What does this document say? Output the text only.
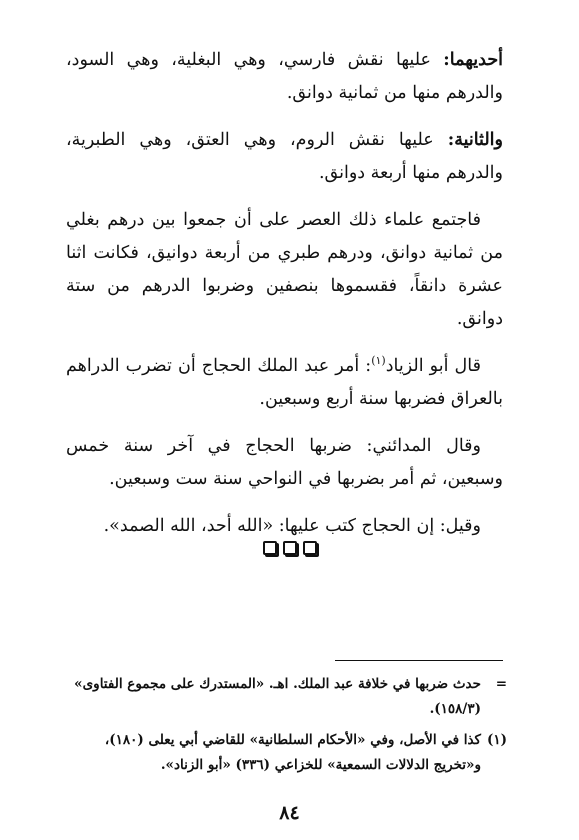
أحديهما: عليها نقش فارسي، وهي البغلية، وهي السود، والدرهم منها من ثمانية دوانق.

والثانية: عليها نقش الروم، وهي العتق، وهي الطبرية، والدرهم منها أربعة دوانق.

فاجتمع علماء ذلك العصر على أن جمعوا بين درهم بغلي من ثمانية دوانق، ودرهم طبري من أربعة دوانيق، فكانت اثنا عشرة دانقاً، فقسموها بنصفين وضربوا الدرهم من ستة دوانق.

قال أبو الزياد$^{(١)}$: أمر عبد الملك الحجاج أن تضرب الدراهم بالعراق فضربها سنة أربع وسبعين.

وقال المدائني: ضربها الحجاج في آخر سنة خمس وسبعين، ثم أمر بضربها في النواحي سنة ست وسبعين.

وقيل: إن الحجاج كتب عليها: «الله أحد، الله الصمد».

=
حدث ضربها في خلافة عبد الملك. اهـ. «المستدرك على مجموع الفتاوى» (١٥٨/٣).

(١)
كذا في الأصل، وفي «الأحكام السلطانية» للقاضي أبي يعلى (١٨٠)، و«تخريج الدلالات السمعية» للخزاعي (٣٣٦) «أبو الزناد».

٨٤
